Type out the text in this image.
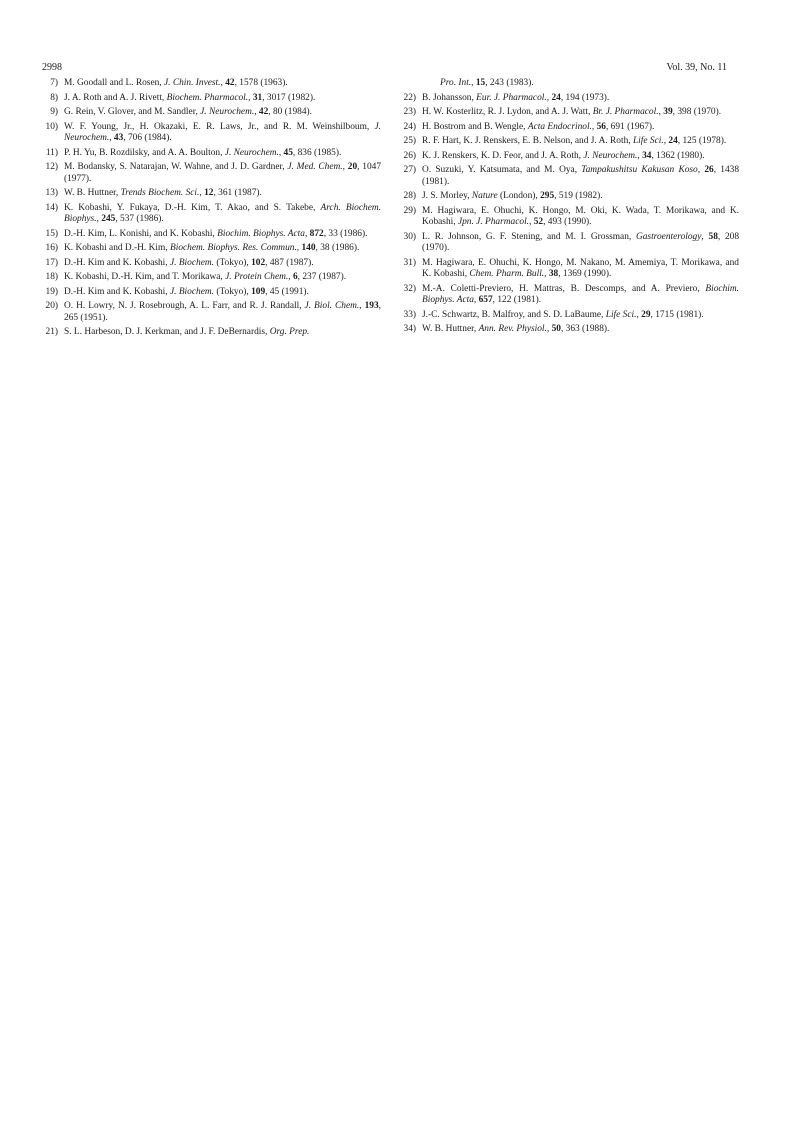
2998	Vol. 39, No. 11
7) M. Goodall and L. Rosen, J. Chin. Invest., 42, 1578 (1963).
8) J. A. Roth and A. J. Rivett, Biochem. Pharmacol., 31, 3017 (1982).
9) G. Rein, V. Glover, and M. Sandler, J. Neurochem., 42, 80 (1984).
10) W. F. Young, Jr., H. Okazaki, E. R. Laws, Jr., and R. M. Weinshilboum, J. Neurochem., 43, 706 (1984).
11) P. H. Yu, B. Rozdilsky, and A. A. Boulton, J. Neurochem., 45, 836 (1985).
12) M. Bodansky, S. Natarajan, W. Wahne, and J. D. Gardner, J. Med. Chem., 20, 1047 (1977).
13) W. B. Huttner, Trends Biochem. Sci., 12, 361 (1987).
14) K. Kobashi, Y. Fukaya, D.-H. Kim, T. Akao, and S. Takebe, Arch. Biochem. Biophys., 245, 537 (1986).
15) D.-H. Kim, L. Konishi, and K. Kobashi, Biochim. Biophys. Acta, 872, 33 (1986).
16) K. Kobashi and D.-H. Kim, Biochem. Biophys. Res. Commun., 140, 38 (1986).
17) D.-H. Kim and K. Kobashi, J. Biochem. (Tokyo), 102, 487 (1987).
18) K. Kobashi, D.-H. Kim, and T. Morikawa, J. Protein Chem., 6, 237 (1987).
19) D.-H. Kim and K. Kobashi, J. Biochem. (Tokyo), 109, 45 (1991).
20) O. H. Lowry, N. J. Rosebrough, A. L. Farr, and R. J. Randall, J. Biol. Chem., 193, 265 (1951).
21) S. L. Harbeson, D. J. Kerkman, and J. F. DeBernardis, Org. Prep.
Pro. Int., 15, 243 (1983).
22) B. Johansson, Eur. J. Pharmacol., 24, 194 (1973).
23) H. W. Kosterlitz, R. J. Lydon, and A. J. Watt, Br. J. Pharmacol., 39, 398 (1970).
24) H. Bostrom and B. Wengle, Acta Endocrinol., 56, 691 (1967).
25) R. F. Hart, K. J. Renskers, E. B. Nelson, and J. A. Roth, Life Sci., 24, 125 (1978).
26) K. J. Renskers, K. D. Feor, and J. A. Roth, J. Neurochem., 34, 1362 (1980).
27) O. Suzuki, Y. Katsumata, and M. Oya, Tampakushitsu Kakusan Koso, 26, 1438 (1981).
28) J. S. Morley, Nature (London), 295, 519 (1982).
29) M. Hagiwara, E. Ohuchi, K. Hongo, M. Oki, K. Wada, T. Morikawa, and K. Kobashi, Jpn. J. Pharmacol., 52, 493 (1990).
30) L. R. Johnson, G. F. Stening, and M. I. Grossman, Gastroenterology, 58, 208 (1970).
31) M. Hagiwara, E. Ohuchi, K. Hongo, M. Nakano, M. Amemiya, T. Morikawa, and K. Kobashi, Chem. Pharm. Bull., 38, 1369 (1990).
32) M.-A. Coletti-Previero, H. Mattras, B. Descomps, and A. Previero, Biochim. Biophys. Acta, 657, 122 (1981).
33) J.-C. Schwartz, B. Malfroy, and S. D. LaBaume, Life Sci., 29, 1715 (1981).
34) W. B. Huttner, Ann. Rev. Physiol., 50, 363 (1988).
